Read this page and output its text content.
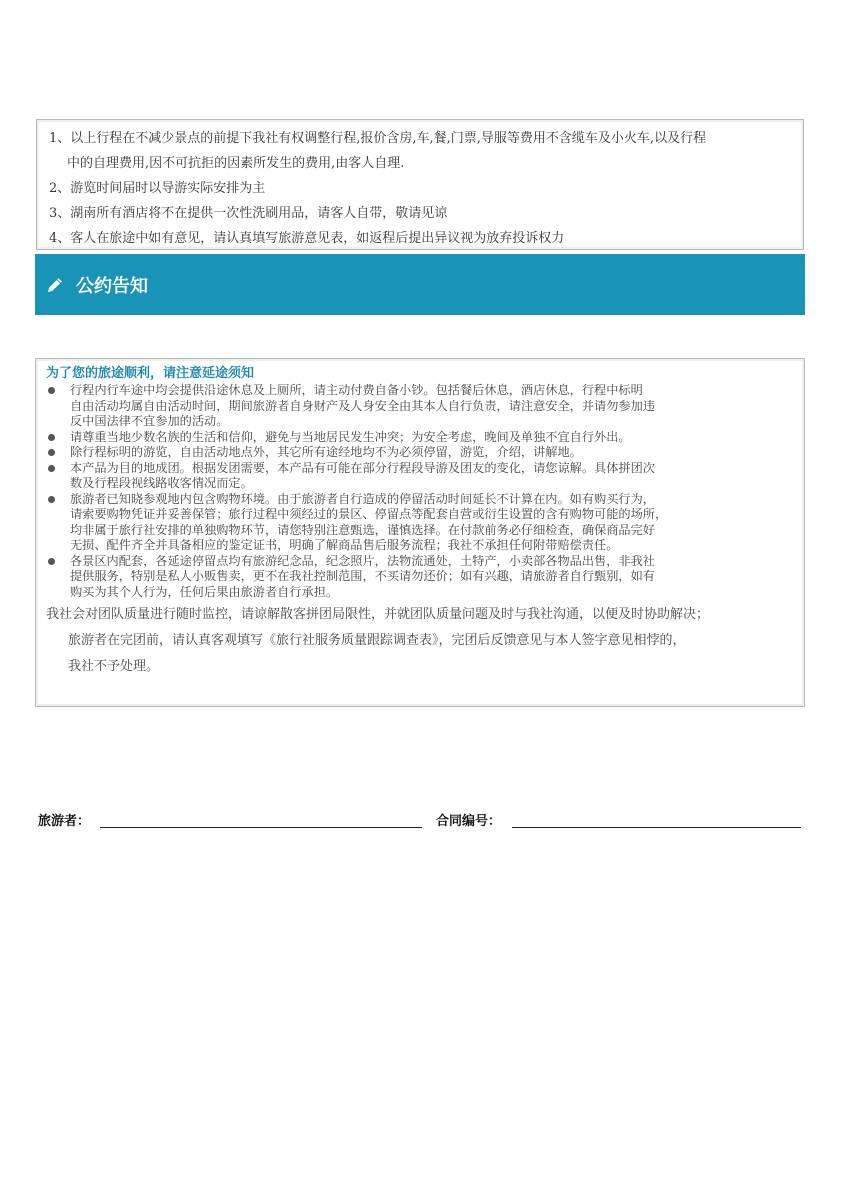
1、以上行程在不减少景点的前提下我社有权调整行程,报价含房,车,餐,门票,导服等费用不含缆车及小火车,以及行程
中的自理费用,因不可抗拒的因素所发生的费用,由客人自理.
2、游览时间届时以导游实际安排为主
3、湖南所有酒店将不在提供一次性洗刷用品，请客人自带，敬请见谅
4、客人在旅途中如有意见，请认真填写旅游意见表，如返程后提出异议视为放弃投诉权力
公约告知
为了您的旅途顺利，请注意延途须知
行程内行车途中均会提供沿途休息及上厕所，请主动付费自备小钞。包括餐后休息，酒店休息，行程中标明
自由活动均属自由活动时间，期间旅游者自身财产及人身安全由其本人自行负责，请注意安全，并请勿参加违
反中国法律不宜参加的活动。
请尊重当地少数名族的生活和信仰，避免与当地居民发生冲突；为安全考虑，晚间及单独不宜自行外出。
除行程标明的游览，自由活动地点外，其它所有途经地均不为必须停留，游览，介绍，讲解地。
本产品为目的地成团。根据发团需要，本产品有可能在部分行程段导游及团友的变化，请您谅解。具体拼团次
数及行程段视线路收客情况而定。
旅游者已知晓参观地内包含购物环境。由于旅游者自行造成的停留活动时间延长不计算在内。如有购买行为，
请索要购物凭证并妥善保管；旅行过程中须经过的景区、停留点等配套自营或衍生设置的含有购物可能的场所，
均非属于旅行社安排的单独购物环节，请您特别注意甄选，谨慎选择。在付款前务必仔细检查，确保商品完好
无损、配件齐全并具备相应的鉴定证书，明确了解商品售后服务流程；我社不承担任何附带赔偿责任。
各景区内配套，各延途停留点均有旅游纪念品，纪念照片，法物流通处，土特产，小卖部各物品出售，非我社
提供服务，特别是私人小贩售卖，更不在我社控制范围，不买请勿还价；如有兴趣，请旅游者自行甄别，如有
购买为其个人行为，任何后果由旅游者自行承担。
我社会对团队质量进行随时监控，请谅解散客拼团局限性，并就团队质量问题及时与我社沟通，以便及时协助解决；
旅游者在完团前，请认真客观填写《旅行社服务质量跟踪调查表》，完团后反馈意见与本人签字意见相悖的，
我社不予处理。
旅游者：	合同编号：
